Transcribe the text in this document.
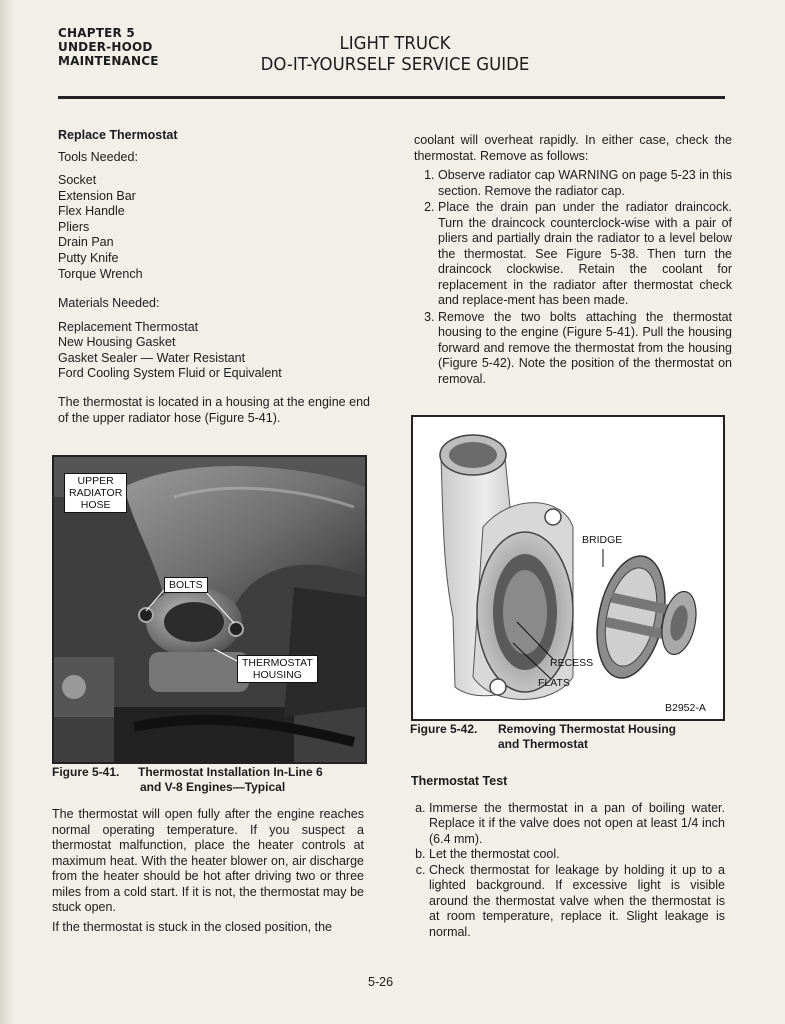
CHAPTER 5
UNDER-HOOD
MAINTENANCE
LIGHT TRUCK
DO-IT-YOURSELF SERVICE GUIDE
Replace Thermostat
Tools Needed:
Socket
Extension Bar
Flex Handle
Pliers
Drain Pan
Putty Knife
Torque Wrench
Materials Needed:
Replacement Thermostat
New Housing Gasket
Gasket Sealer — Water Resistant
Ford Cooling System Fluid or Equivalent

The thermostat is located in a housing at the engine end of the upper radiator hose (Figure 5-41).

UPPER
RADIATOR
HOSE
BOLTS
THERMOSTAT
HOUSING
Figure 5-41. Thermostat Installation In-Line 6
and V-8 Engines—Typical

The thermostat will open fully after the engine reaches normal operating temperature. If you suspect a thermostat malfunction, place the heater controls at maximum heat. With the heater blower on, air discharge from the heater should be hot after driving two or three miles from a cold start. If it is not, the thermostat may be stuck open.

If the thermostat is stuck in the closed position, the

coolant will overheat rapidly. In either case, check the thermostat. Remove as follows:

1. Observe radiator cap WARNING on page 5-23 in this section. Remove the radiator cap.
2. Place the drain pan under the radiator draincock. Turn the draincock counterclock-wise with a pair of pliers and partially drain the radiator to a level below the thermostat. See Figure 5-38. Then turn the draincock clockwise. Retain the coolant for replacement in the radiator after thermostat check and replace-ment has been made.
3. Remove the two bolts attaching the thermostat housing to the engine (Figure 5-41). Pull the housing forward and remove the thermostat from the housing (Figure 5-42). Note the position of the thermostat on removal.
BRIDGE
RECESS
FLATS
B2952-A
Figure 5-42. Removing Thermostat Housing
and Thermostat
Thermostat Test
a. Immerse the thermostat in a pan of boiling water. Replace it if the valve does not open at least 1/4 inch (6.4 mm).
b. Let the thermostat cool.
c. Check thermostat for leakage by holding it up to a lighted background. If excessive light is visible around the thermostat valve when the thermostat is at room temperature, replace it. Slight leakage is normal.
5-26
